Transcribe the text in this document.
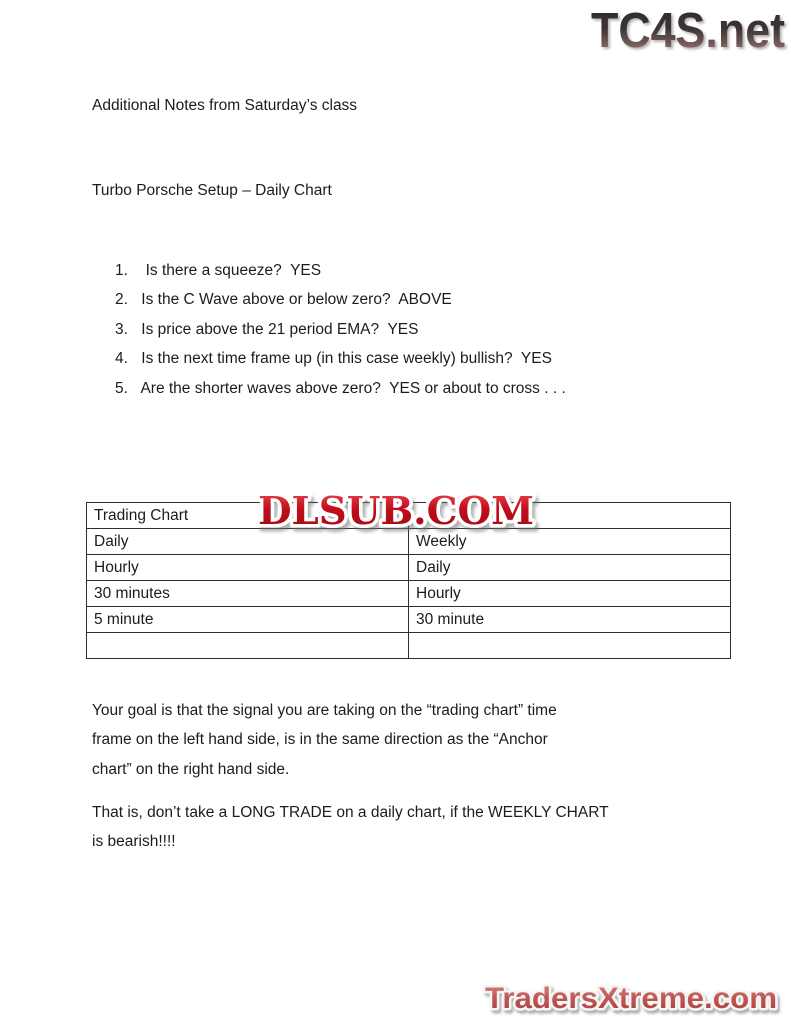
TC4S.net
Additional Notes from Saturday’s class
Turbo Porsche Setup – Daily Chart
1. Is there a squeeze?  YES
2. Is the C Wave above or below zero?  ABOVE
3. Is price above the 21 period EMA?  YES
4. Is the next time frame up (in this case weekly) bullish?  YES
5. Are the shorter waves above zero?  YES or about to cross . . .
Trading Chart	
Daily	Weekly
Hourly	Daily
30 minutes	Hourly
5 minute	30 minute

DLSUB.COM
Your goal is that the signal you are taking on the “trading chart” time
frame on the left hand side, is in the same direction as the “Anchor
chart” on the right hand side.
That is, don’t take a LONG TRADE on a daily chart, if the WEEKLY CHART
is bearish!!!!
TradersXtreme.com
